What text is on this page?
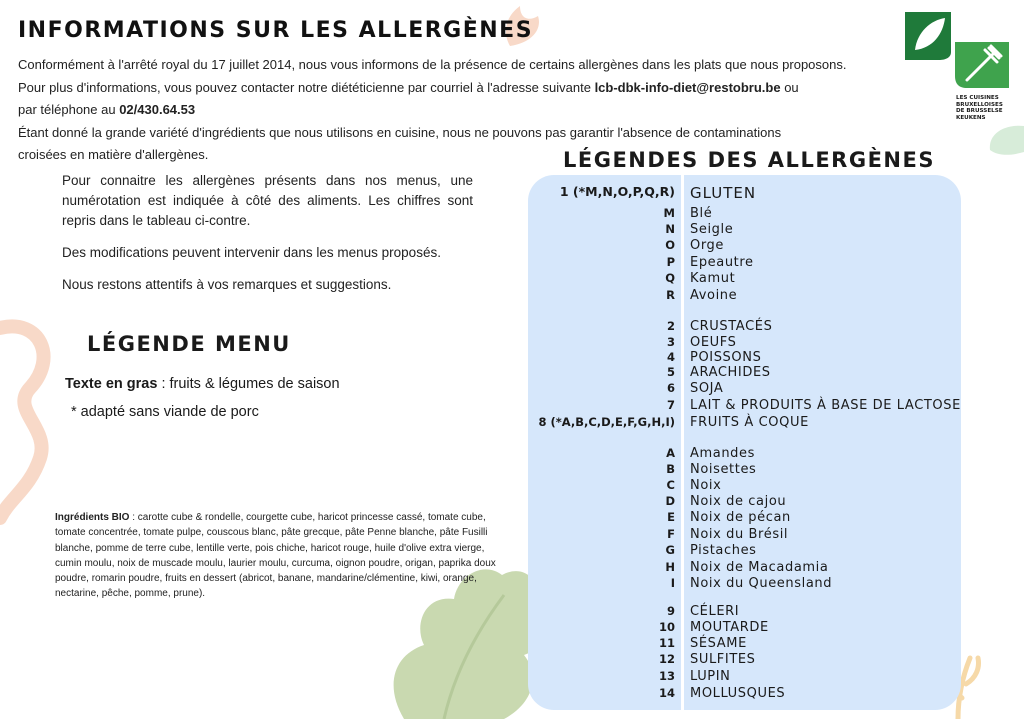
INFORMATIONS SUR LES ALLERGÈNES
Conformément à l'arrêté royal du 17 juillet 2014, nous vous informons de la présence de certains allergènes dans les plats que nous proposons.
Pour plus d'informations, vous pouvez contacter notre diététicienne par courriel à l'adresse suivante lcb-dbk-info-diet@restobru.be ou
par téléphone au 02/430.64.53
Étant donné la grande variété d'ingrédients que nous utilisons en cuisine, nous ne pouvons pas garantir l'absence de contaminations
croisées en matière d'allergènes.

Pour connaitre les allergènes présents dans nos menus, une numérotation est indiquée à côté des aliments. Les chiffres sont repris dans le tableau ci-contre.

Des modifications peuvent intervenir dans les menus proposés.

Nous restons attentifs à vos remarques et suggestions.

LÉGENDE MENU
Texte en gras : fruits & légumes de saison
* adapté sans viande de porc
Ingrédients BIO : carotte cube & rondelle, courgette cube, haricot princesse cassé, tomate cube, tomate concentrée, tomate pulpe, couscous blanc, pâte grecque, pâte Penne blanche, pâte Fusilli blanche, pomme de terre cube, lentille verte, pois chiche, haricot rouge, huile d'olive extra vierge, cumin moulu, noix de muscade moulu, laurier moulu, curcuma, oignon poudre, origan, paprika doux poudre, romarin poudre, fruits en dessert (abricot, banane, mandarine/clémentine, kiwi, orange, nectarine, pêche, pomme, prune).
LÉGENDES DES ALLERGÈNES
1 (*M,N,O,P,Q,R) GLUTEN
M Blé
N Seigle
O Orge
P Epeautre
Q Kamut
R Avoine
2 CRUSTACÉS
3 OEUFS
4 POISSONS
5 ARACHIDES
6 SOJA
7 LAIT & PRODUITS À BASE DE LACTOSE
8 (*A,B,C,D,E,F,G,H,I) FRUITS À COQUE
A Amandes
B Noisettes
C Noix
D Noix de cajou
E Noix de pécan
F Noix du Brésil
G Pistaches
H Noix de Macadamia
I Noix du Queensland
9 CÉLERI
10 MOUTARDE
11 SÉSAME
12 SULFITES
13 LUPIN
14 MOLLUSQUES
LES CUISINES
BRUXELLOISES
DE BRUSSELSE
KEUKENS
